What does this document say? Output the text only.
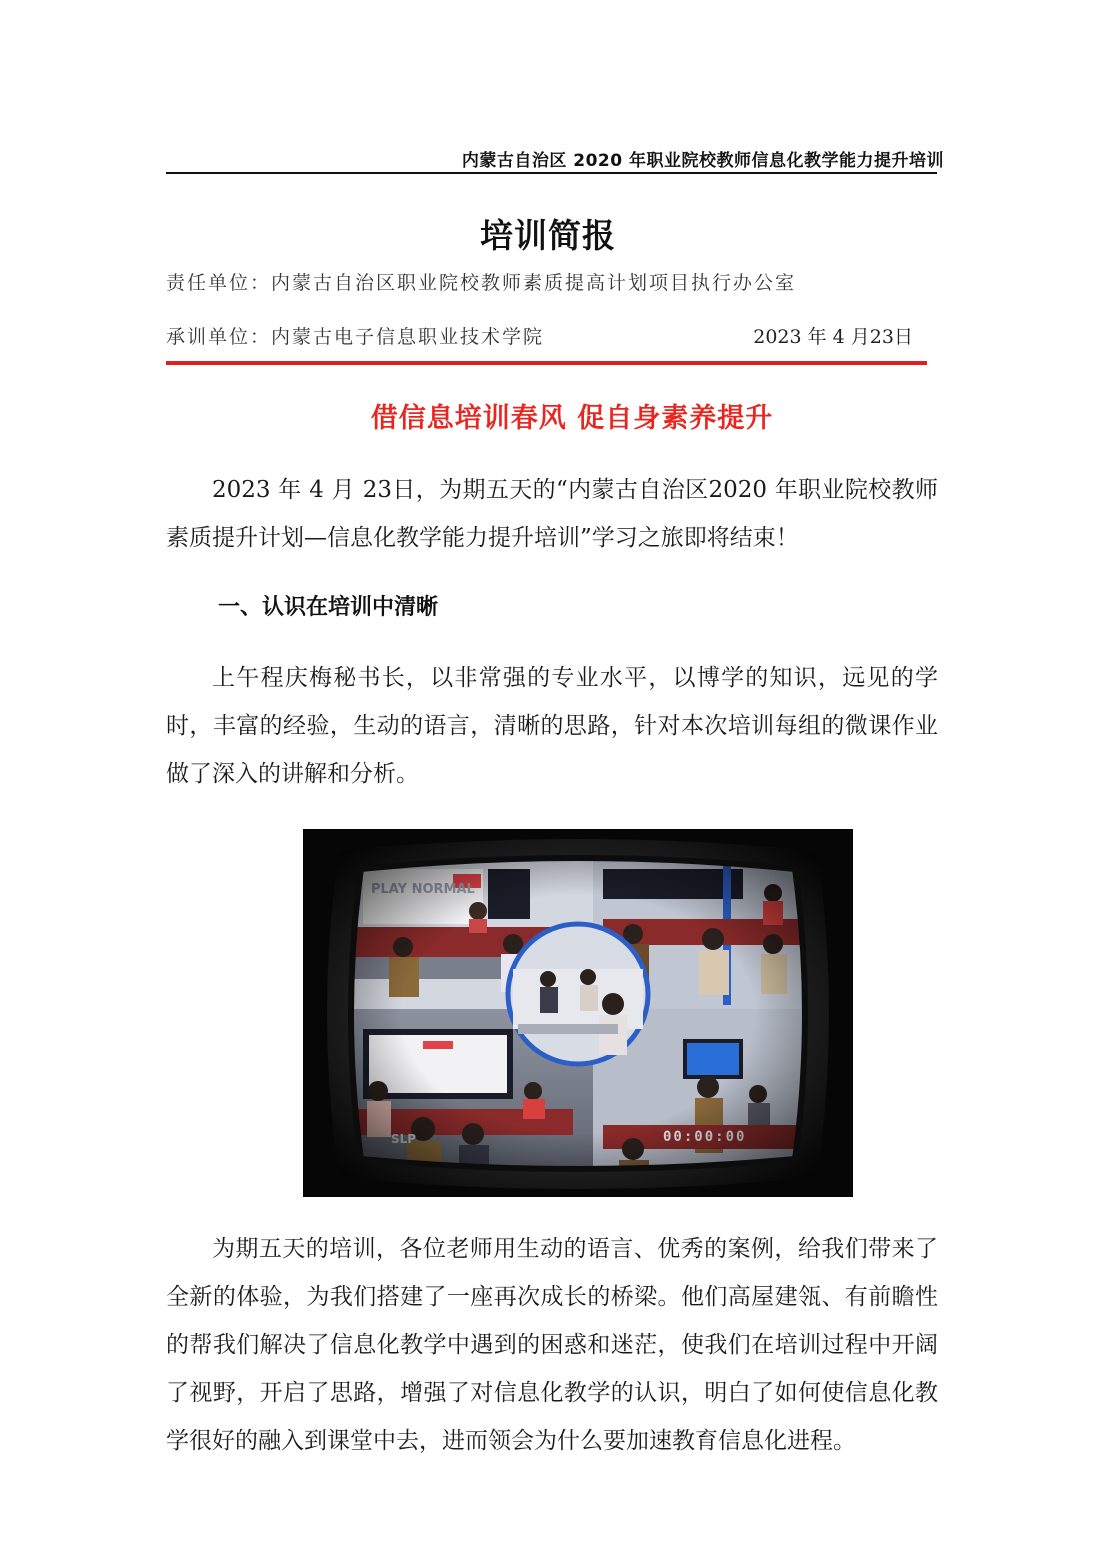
内蒙古自治区 2020 年职业院校教师信息化教学能力提升培训
培训简报
责任单位：内蒙古自治区职业院校教师素质提高计划项目执行办公室
承训单位：内蒙古电子信息职业技术学院	2023 年 4 月23日
借信息培训春风 促自身素养提升

2023 年 4 月 23日，为期五天的“内蒙古自治区2020 年职业院校教师素质提升计划—信息化教学能力提升培训”学习之旅即将结束！

一、认识在培训中清晰

上午程庆梅秘书长，以非常强的专业水平，以博学的知识，远见的学时，丰富的经验，生动的语言，清晰的思路，针对本次培训每组的微课作业做了深入的讲解和分析。

为期五天的培训，各位老师用生动的语言、优秀的案例，给我们带来了全新的体验，为我们搭建了一座再次成长的桥梁。他们高屋建瓴、有前瞻性的帮我们解决了信息化教学中遇到的困惑和迷茫，使我们在培训过程中开阔了视野，开启了思路，增强了对信息化教学的认识，明白了如何使信息化教学很好的融入到课堂中去，进而领会为什么要加速教育信息化进程。
